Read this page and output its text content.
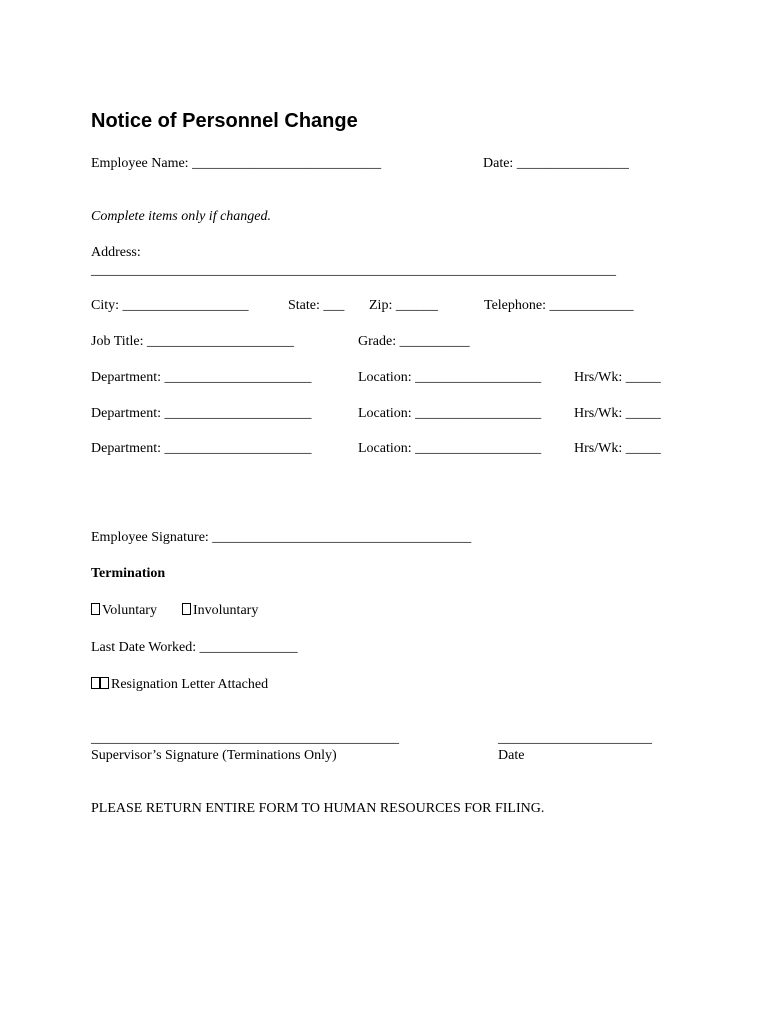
Notice of Personnel Change
Employee Name: ___________________________	Date: ________________
Complete items only if changed.
Address:
___________________________________________________________________________
City: __________________	State: ___ Zip: ______	Telephone: ____________
Job Title: _____________________	Grade: __________
Department: _____________________	Location: __________________ Hrs/Wk: _____
Department: _____________________	Location: __________________ Hrs/Wk: _____
Department: _____________________	Location: __________________ Hrs/Wk: _____
Employee Signature: _____________________________________
Termination
Voluntary	Involuntary
Last Date Worked: ______________
Resignation Letter Attached
____________________________________________	______________________
Supervisor’s Signature (Terminations Only)	Date
PLEASE RETURN ENTIRE FORM TO HUMAN RESOURCES FOR FILING.
